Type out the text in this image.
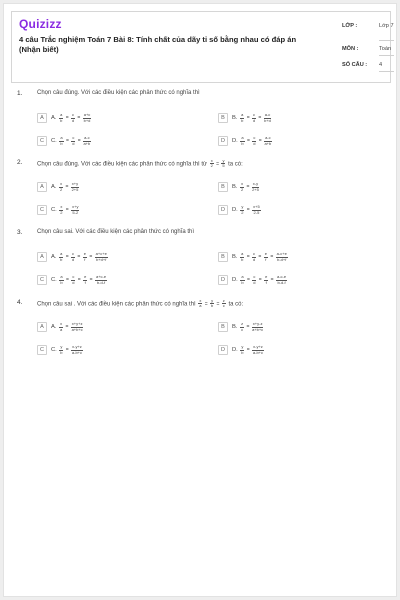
Quizizz
4 câu Trắc nghiệm Toán 7 Bài 8: Tính chất của dãy tỉ số bằng nhau có đáp án (Nhận biết)
LỚP :	Lớp 7
MÔN :	Toán
SỐ CÂU : 4
1. Chọn câu đúng. Với các điều kiện các phân thức có nghĩa thì
A	A. $\frac{a}{b} = \frac{c}{d} = \frac{a+c}{b+d}$	B	B. $\frac{a}{b} = \frac{c}{d} = \frac{a-c}{b+d}$
C	C. $\frac{a}{b} = \frac{c}{d} = \frac{a-c}{a+b}$	D	D. $\frac{a}{b} = \frac{c}{d} = \frac{a-c}{a+b}$
2. Chọn câu đúng. Với các điều kiện các phân thức có nghĩa thì từ $\frac{x}{2} = \frac{y}{5}$ ta có:
A	A. $\frac{x}{2} = \frac{x+y}{2+5}$	B	B. $\frac{x}{2} = \frac{x-y}{2+5}$
C	C. $\frac{x}{2} = \frac{x+y}{5-2}$	D	D. $\frac{y}{2} = \frac{x+5}{2-5}$
3. Chọn câu sai. Với các điều kiện các phân thức có nghĩa thì
A	A. $\frac{a}{b} = \frac{c}{d} = \frac{e}{f} = \frac{a+c+e}{b+d+f}$	B	B. $\frac{a}{b} = \frac{c}{d} = \frac{e}{f} = \frac{a-c+e}{b-d+f}$
C	C. $\frac{a}{b} = \frac{c}{d} = \frac{e}{f} = \frac{a+c-e}{b-d-f}$	D	D. $\frac{a}{b} = \frac{c}{d} = \frac{e}{f} = \frac{a-c-e}{b-d-f}$
4. Chọn câu sai . Với các điều kiện các phân thức có nghĩa thì $\frac{x}{a} = \frac{y}{b} = \frac{z}{c}$ ta có:
A	A. $\frac{x}{a} = \frac{x+y+z}{a+b+c}$	B	B. $\frac{z}{c} = \frac{x+y-z}{a+b+c}$
C	C. $\frac{y}{b} = \frac{x-y+z}{a-b+c}$	D	D. $\frac{y}{b} = \frac{x-y+z}{a-b+c}$
